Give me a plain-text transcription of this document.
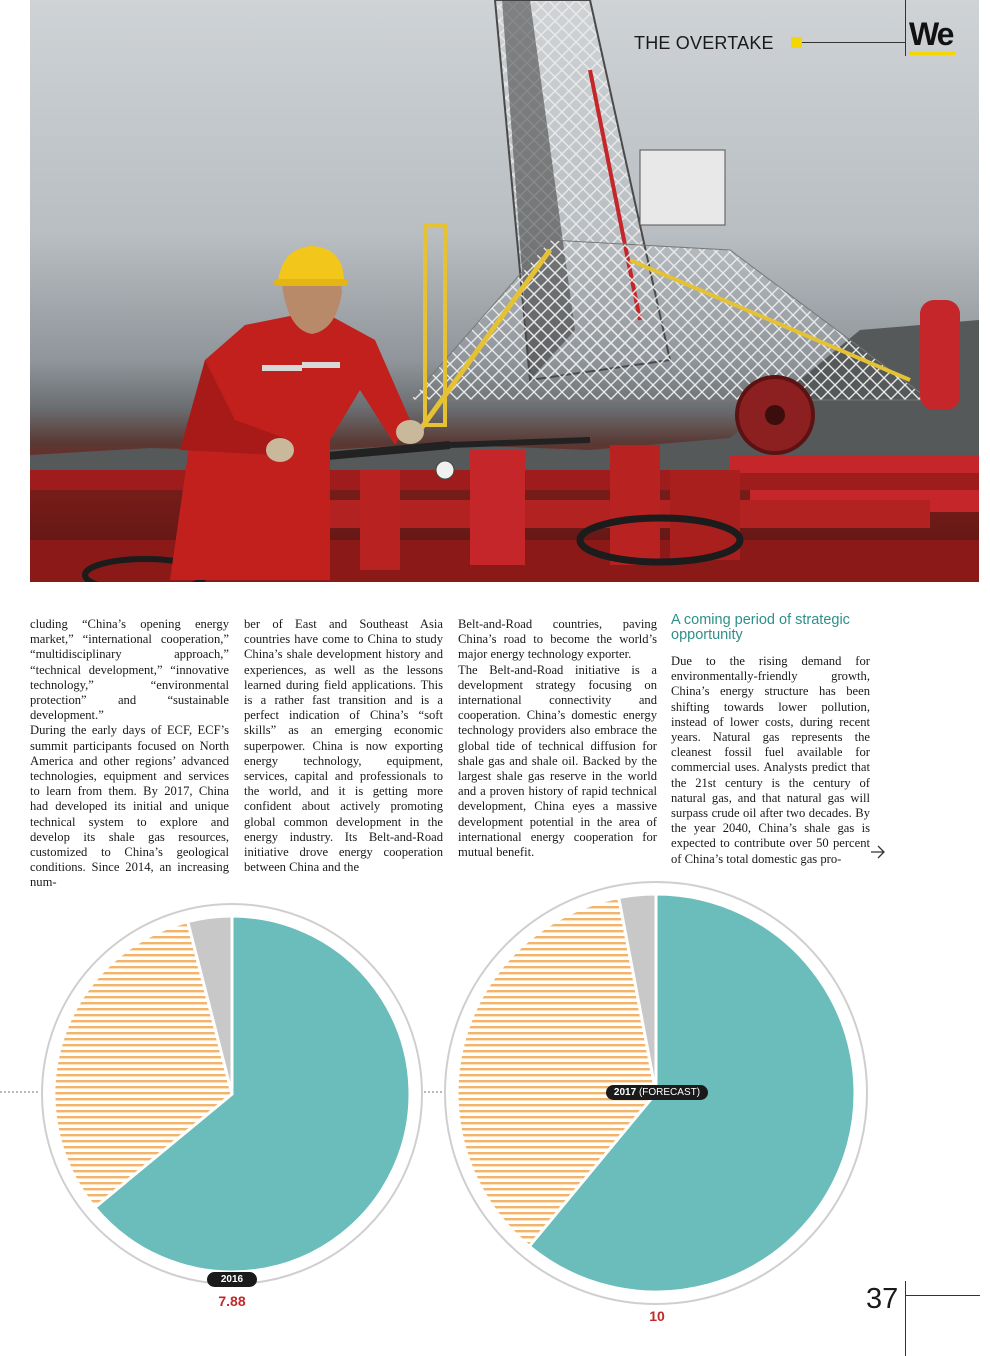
THE OVERTAKE	We

cluding “China’s opening energy market,” “international cooperation,” “multidisciplinary approach,” “technical development,” “innovative technology,” “environmental protection” and “sustainable development.”

During the early days of ECF, ECF’s summit participants focused on North America and other regions’ advanced technologies, equipment and services to learn from them. By 2017, China had developed its initial and unique technical system to explore and develop its shale gas resources, customized to China’s geological conditions. Since 2014, an increasing num-

ber of East and Southeast Asia countries have come to China to study China’s shale development history and experiences, as well as the lessons learned during field applications. This is a rather fast transition and is a perfect indication of China’s “soft skills” as an emerging economic superpower. China is now exporting energy technology, equipment, services, capital and professionals to the world, and it is getting more confident about actively promoting global common development in the energy industry. Its Belt-and-Road initiative drove energy cooperation between China and the

Belt-and-Road countries, paving China’s road to become the world’s major energy technology exporter.

The Belt-and-Road initiative is a development strategy focusing on international connectivity and cooperation. China’s domestic energy technology providers also embrace the global tide of technical diffusion for shale gas and shale oil. Backed by the largest shale gas reserve in the world and a proven history of rapid technical development, China eyes a massive development potential in the area of international energy cooperation for mutual benefit.

A coming period of strategic opportunity

Due to the rising demand for environmentally-friendly growth, China’s energy structure has been shifting towards lower pollution, instead of lower costs, during recent years. Natural gas represents the cleanest fossil fuel available for commercial uses. Analysts predict that the 21st century is the century of natural gas, and that natural gas will surpass crude oil after two decades. By the year 2040, China’s shale gas is expected to contribute over 50 percent of China’s total domestic gas pro-

2016
7.88
2017 (FORECAST)
10
37
